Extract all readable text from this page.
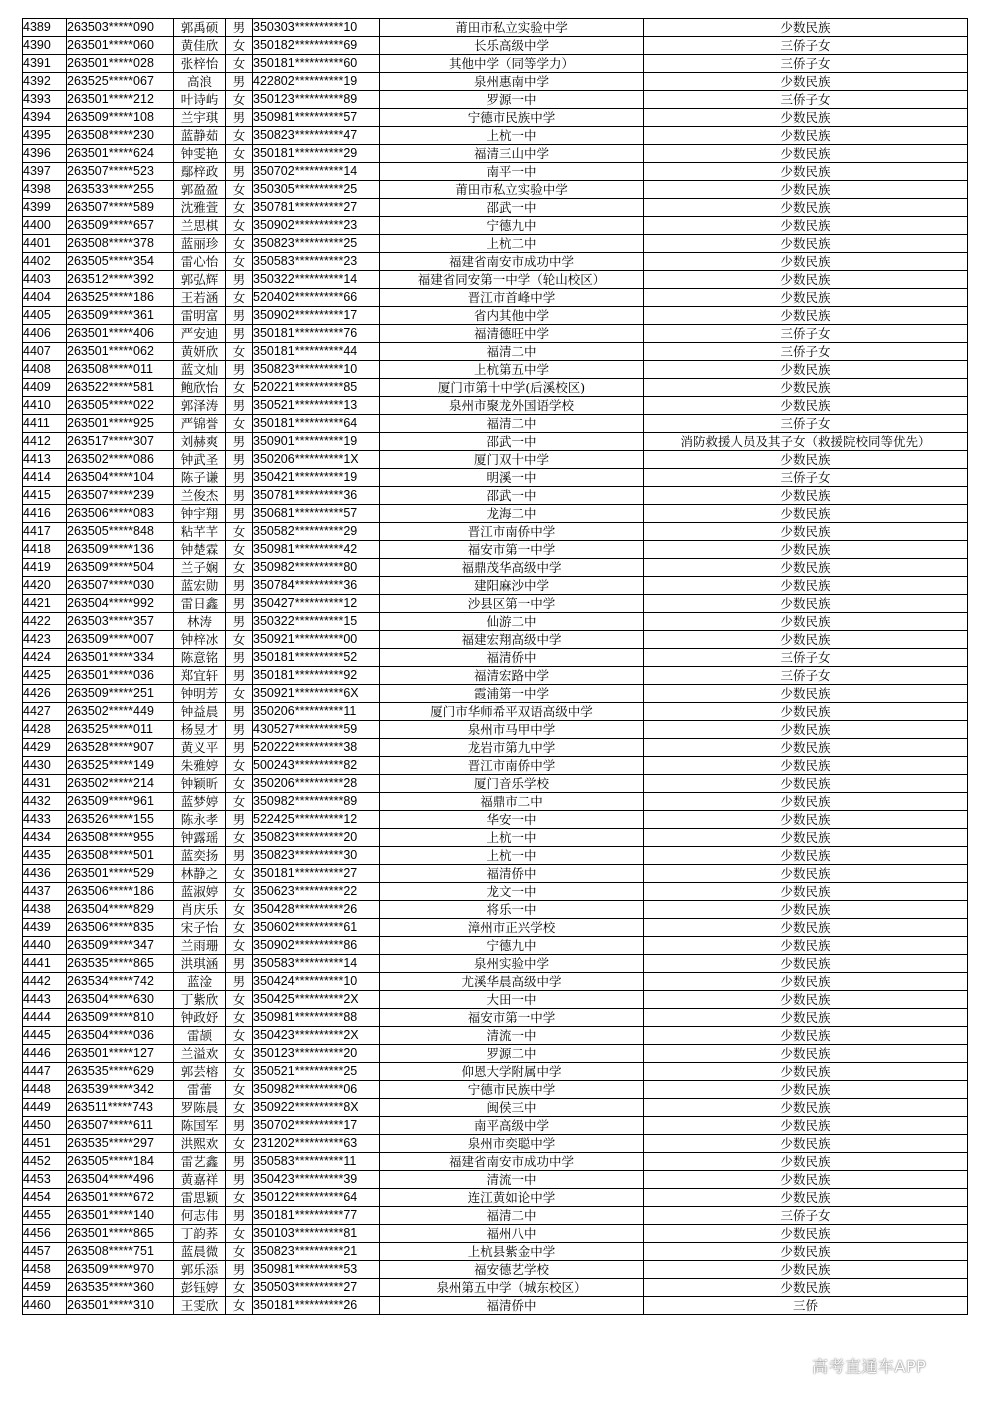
4389	263503*****090	郭禹硕	男	350303**********10	莆田市私立实验中学	少数民族
4390	263501*****060	黄佳欣	女	350182**********69	长乐高级中学	三侨子女
4391	263501*****028	张梓怡	女	350181**********60	其他中学（同等学力）	三侨子女
4392	263525*****067	高浪	男	422802**********19	泉州惠南中学	少数民族
4393	263501*****212	叶诗屿	女	350123**********89	罗源一中	三侨子女
4394	263509*****108	兰宇琪	男	350981**********57	宁德市民族中学	少数民族
4395	263508*****230	蓝静茹	女	350823**********47	上杭一中	少数民族
4396	263501*****624	钟雯艳	女	350181**********29	福清三山中学	少数民族
4397	263507*****523	鄢梓政	男	350702**********14	南平一中	少数民族
4398	263533*****255	郭盈盈	女	350305**********25	莆田市私立实验中学	少数民族
4399	263507*****589	沈雅萱	女	350781**********27	邵武一中	少数民族
4400	263509*****657	兰思棋	女	350902**********23	宁德九中	少数民族
4401	263508*****378	蓝丽珍	女	350823**********25	上杭二中	少数民族
4402	263505*****354	雷心怡	女	350583**********23	福建省南安市成功中学	少数民族
4403	263512*****392	郭弘辉	男	350322**********14	福建省同安第一中学（轮山校区）	少数民族
4404	263525*****186	王若涵	女	520402**********66	晋江市首峰中学	少数民族
4405	263509*****361	雷明富	男	350902**********17	省内其他中学	少数民族
4406	263501*****406	严安迪	男	350181**********76	福清德旺中学	三侨子女
4407	263501*****062	黄妍欣	女	350181**********44	福清二中	三侨子女
4408	263508*****011	蓝文灿	男	350823**********10	上杭第五中学	少数民族
4409	263522*****581	鲍欣怡	女	520221**********85	厦门市第十中学(后溪校区)	少数民族
4410	263505*****022	郭泽涛	男	350521**********13	泉州市聚龙外国语学校	少数民族
4411	263501*****925	严锦誉	女	350181**********64	福清二中	三侨子女
4412	263517*****307	刘赫爽	男	350901**********19	邵武一中	消防救援人员及其子女（救援院校同等优先）
4413	263502*****086	钟武圣	男	350206**********1X	厦门双十中学	少数民族
4414	263504*****104	陈子谦	男	350421**********19	明溪一中	三侨子女
4415	263507*****239	兰俊杰	男	350781**********36	邵武一中	少数民族
4416	263506*****083	钟宇翔	男	350681**********57	龙海二中	少数民族
4417	263505*****848	粘芊芊	女	350582**********29	晋江市南侨中学	少数民族
4418	263509*****136	钟楚霖	女	350981**********42	福安市第一中学	少数民族
4419	263509*****504	兰子娴	女	350982**********80	福鼎茂华高级中学	少数民族
4420	263507*****030	蓝宏勋	男	350784**********36	建阳麻沙中学	少数民族
4421	263504*****992	雷日鑫	男	350427**********12	沙县区第一中学	少数民族
4422	263503*****357	林涛	男	350322**********15	仙游二中	少数民族
4423	263509*****007	钟梓冰	女	350921**********00	福建宏翔高级中学	少数民族
4424	263501*****334	陈意铭	男	350181**********52	福清侨中	三侨子女
4425	263501*****036	郑宜轩	男	350181**********92	福清宏路中学	三侨子女
4426	263509*****251	钟明芳	女	350921**********6X	霞浦第一中学	少数民族
4427	263502*****449	钟益晨	男	350206**********11	厦门市华师希平双语高级中学	少数民族
4428	263525*****011	杨昱才	男	430527**********59	泉州市马甲中学	少数民族
4429	263528*****907	黄义平	男	520222**********38	龙岩市第九中学	少数民族
4430	263525*****149	朱雅婷	女	500243**********82	晋江市南侨中学	少数民族
4431	263502*****214	钟颖昕	女	350206**********28	厦门音乐学校	少数民族
4432	263509*****961	蓝梦婷	女	350982**********89	福鼎市二中	少数民族
4433	263526*****155	陈永孝	男	522425**********12	华安一中	少数民族
4434	263508*****955	钟露瑶	女	350823**********20	上杭一中	少数民族
4435	263508*****501	蓝奕扬	男	350823**********30	上杭一中	少数民族
4436	263501*****529	林静之	女	350181**********27	福清侨中	少数民族
4437	263506*****186	蓝淑婷	女	350623**********22	龙文一中	少数民族
4438	263504*****829	肖庆乐	女	350428**********26	将乐一中	少数民族
4439	263506*****835	宋子怡	女	350602**********61	漳州市正兴学校	少数民族
4440	263509*****347	兰雨珊	女	350902**********86	宁德九中	少数民族
4441	263535*****865	洪琪涵	男	350583**********14	泉州实验中学	少数民族
4442	263534*****742	蓝淦	男	350424**********10	尤溪华晨高级中学	少数民族
4443	263504*****630	丁紫欣	女	350425**********2X	大田一中	少数民族
4444	263509*****810	钟政妤	女	350981**********88	福安市第一中学	少数民族
4445	263504*****036	雷颉	女	350423**********2X	清流一中	少数民族
4446	263501*****127	兰溢欢	女	350123**********20	罗源二中	少数民族
4447	263535*****629	郭芸榕	女	350521**********25	仰恩大学附属中学	少数民族
4448	263539*****342	雷蕾	女	350982**********06	宁德市民族中学	少数民族
4449	263511*****743	罗陈晨	女	350922**********8X	闽侯三中	少数民族
4450	263507*****611	陈国军	男	350702**********17	南平高级中学	少数民族
4451	263535*****297	洪熙欢	女	231202**********63	泉州市奕聪中学	少数民族
4452	263505*****184	雷艺鑫	男	350583**********11	福建省南安市成功中学	少数民族
4453	263504*****496	黄嘉祥	男	350423**********39	清流一中	少数民族
4454	263501*****672	雷思颖	女	350122**********64	连江黄如论中学	少数民族
4455	263501*****140	何志伟	男	350181**********77	福清二中	三侨子女
4456	263501*****865	丁韵荞	女	350103**********81	福州八中	少数民族
4457	263508*****751	蓝晨微	女	350823**********21	上杭县紫金中学	少数民族
4458	263509*****970	郭乐添	男	350981**********53	福安德艺学校	少数民族
4459	263535*****360	彭钰婷	女	350503**********27	泉州第五中学（城东校区）	少数民族
4460	263501*****310	王雯欣	女	350181**********26	福清侨中	三侨
高考直通车APP
